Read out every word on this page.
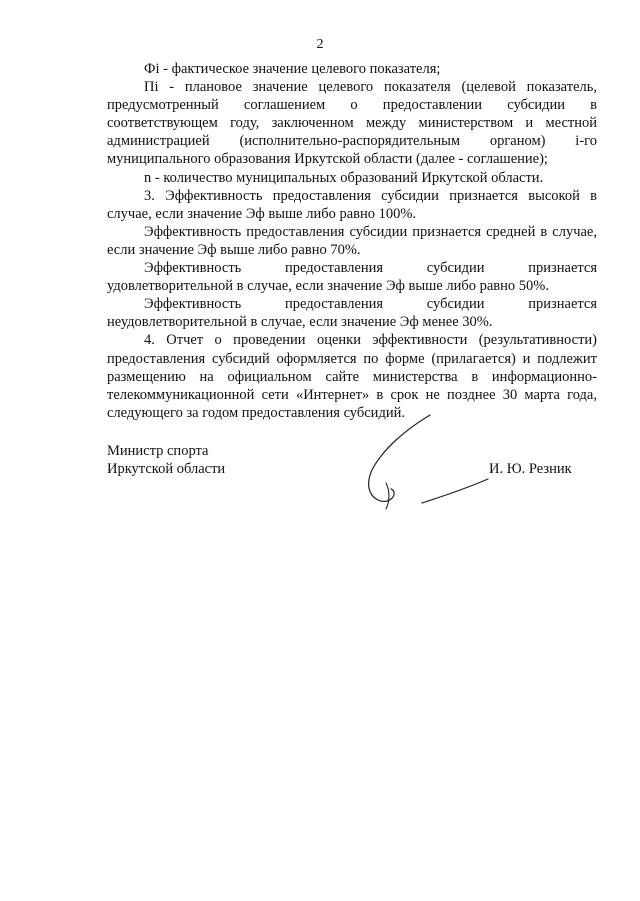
2

Фi - фактическое значение целевого показателя;

Пi - плановое значение целевого показателя (целевой показатель, предусмотренный соглашением о предоставлении субсидии в соответствующем году, заключенном между министерством и местной администрацией (исполнительно-распорядительным органом) i-го муниципального образования Иркутской области (далее - соглашение);

n - количество муниципальных образований Иркутской области.

3. Эффективность предоставления субсидии признается высокой в случае, если значение Эф выше либо равно 100%.

Эффективность предоставления субсидии признается средней в случае, если значение Эф выше либо равно 70%.

Эффективность предоставления субсидии признается удовлетворительной в случае, если значение Эф выше либо равно 50%.

Эффективность предоставления субсидии признается неудовлетворительной в случае, если значение Эф менее 30%.

4. Отчет о проведении оценки эффективности (результативности) предоставления субсидий оформляется по форме (прилагается) и подлежит размещению на официальном сайте министерства в информационно-телекоммуникационной сети «Интернет» в срок не позднее 30 марта года, следующего за годом предоставления субсидий.

Министр спорта
Иркутской области	И. Ю. Резник
